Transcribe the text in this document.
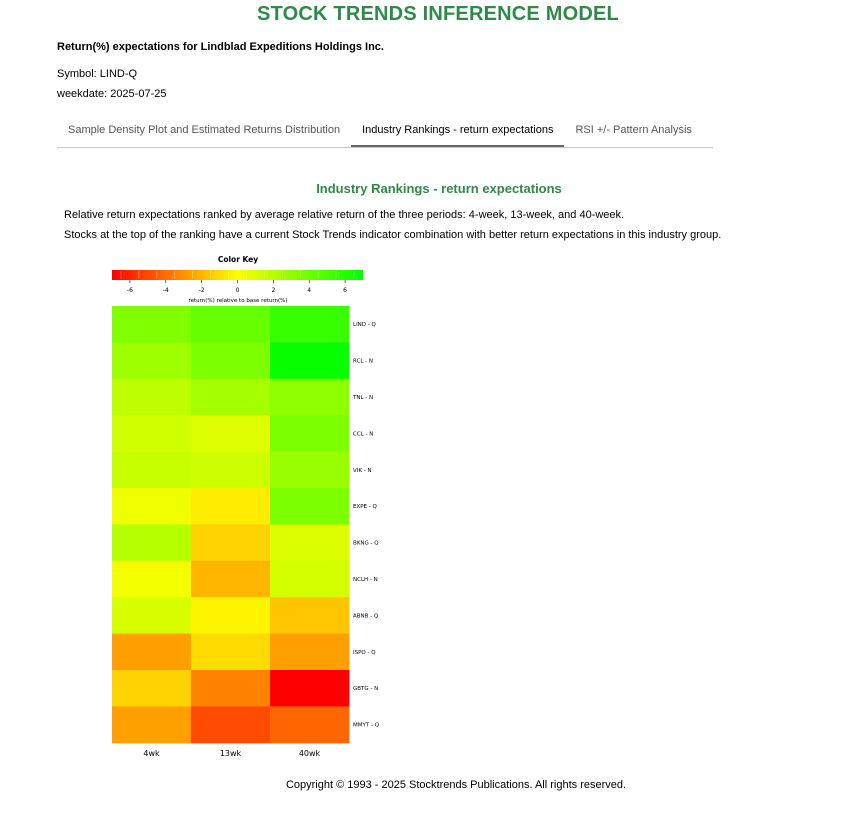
STOCK TRENDS INFERENCE MODEL
Return(%) expectations for Lindblad Expeditions Holdings Inc.
Symbol: LIND-Q
weekdate: 2025-07-25
Sample Density Plot and Estimated Returns Distribution	Industry Rankings - return expectations	RSI +/- Pattern Analysis
Industry Rankings - return expectations
Relative return expectations ranked by average relative return of the three periods: 4-week, 13-week, and 40-week.
Stocks at the top of the ranking have a current Stock Trends indicator combination with better return expectations in this industry group.
Color Key
-6	-4	-2	0	2	4	6
return(%) relative to base return(%)
LIND - Q
RCL - N
TNL - N
CCL - N
VIK - N
EXPE - Q
BKNG - Q
NCLH - N
ABNB - Q
ISPO - Q
GBTG - N
MMYT - Q
4wk	13wk	40wk
Copyright © 1993 - 2025 Stocktrends Publications. All rights reserved.
